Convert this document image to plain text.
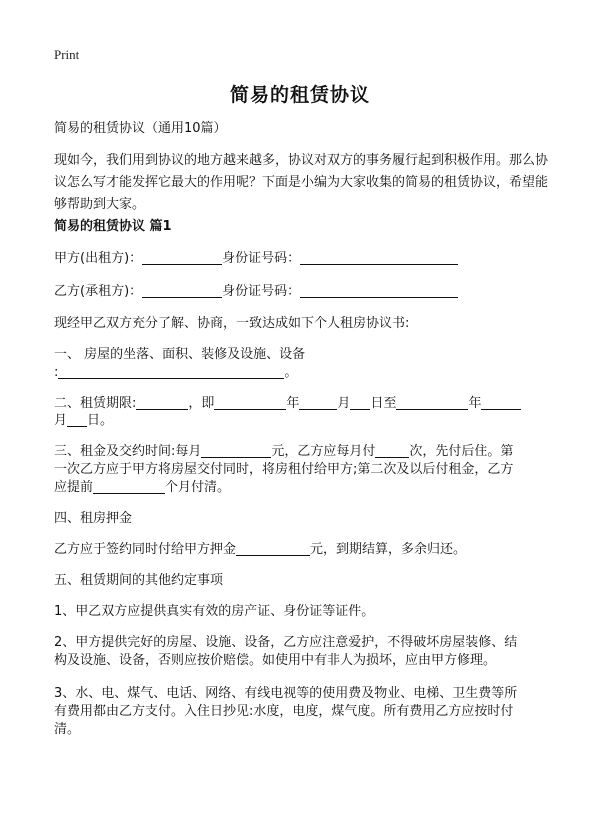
Print
简易的租赁协议
简易的租赁协议（通用10篇）
现如今，我们用到协议的地方越来越多，协议对双方的事务履行起到积极作用。那么协议怎么写才能发挥它最大的作用呢？下面是小编为大家收集的简易的租赁协议，希望能够帮助到大家。
简易的租赁协议 篇1
甲方(出租方)：	身份证号码：
乙方(承租方)：	身份证号码：
现经甲乙双方充分了解、协商，一致达成如下个人租房协议书:
一、 房屋的坐落、面积、装修及设施、设备
:	。
二、租赁期限:	，即	年	月 日至	年
月 日。
三、租金及交约时间:每月	元，乙方应每月付	次，先付后住。第
一次乙方应于甲方将房屋交付同时，将房租付给甲方;第二次及以后付租金，乙方
应提前	个月付清。
四、租房押金
乙方应于签约同时付给甲方押金	元，到期结算，多余归还。
五、租赁期间的其他约定事项
1、甲乙双方应提供真实有效的房产证、身份证等证件。
2、甲方提供完好的房屋、设施、设备，乙方应注意爱护，不得破坏房屋装修、结
构及设施、设备，否则应按价赔偿。如使用中有非人为损坏，应由甲方修理。
3、水、电、煤气、电话、网络、有线电视等的使用费及物业、电梯、卫生费等所
有费用都由乙方支付。入住日抄见:水度，电度，煤气度。所有费用乙方应按时付
清。
